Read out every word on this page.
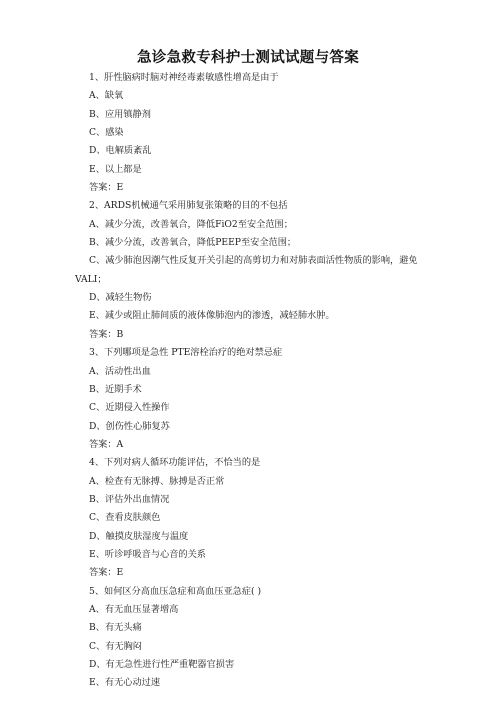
急诊急救专科护士测试试题与答案
1、肝性脑病时脑对神经毒素敏感性增高是由于
A、缺氧
B、应用镇静剂
C、感染
D、电解质紊乱
E、以上都是
答案：E
2、ARDS机械通气采用肺复张策略的目的不包括
A、减少分流，改善氧合，降低FiO2至安全范围；
B、减少分流，改善氧合，降低PEEP至安全范围；
C、减少肺泡因潮气性反复开关引起的高剪切力和对肺表面活性物质的影响，避免VALI；
D、减轻生物伤
E、减少或阻止肺间质的液体像肺泡内的渗透，减轻肺水肿。
答案：B
3、下列哪项是急性 PTE溶栓治疗的绝对禁忌症
A、活动性出血
B、近期手术
C、近期侵入性操作
D、创伤性心肺复苏
答案：A
4、下列对病人循环功能评估，不恰当的是
A、检查有无脉搏、脉搏是否正常
B、评估外出血情况
C、查看皮肤颜色
D、触摸皮肤湿度与温度
E、听诊呼吸音与心音的关系
答案：E
5、如何区分高血压急症和高血压亚急症( )
A、有无血压显著增高
B、有无头痛
C、有无胸闷
D、有无急性进行性严重靶器官损害
E、有无心动过速
